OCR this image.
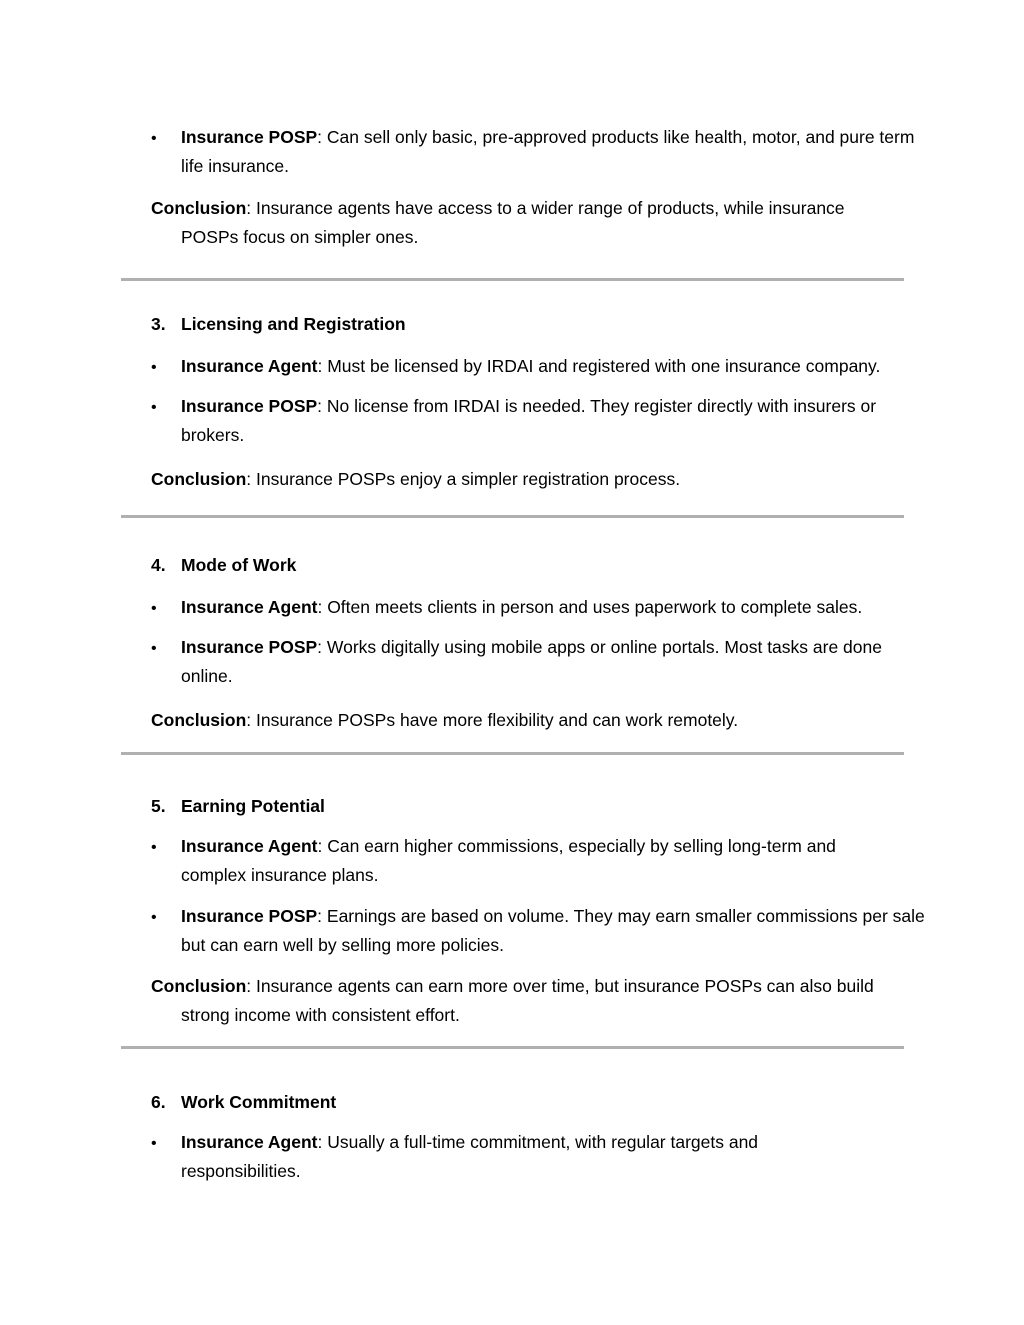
•
Insurance POSP: Can sell only basic, pre-approved products like health, motor, and pure term life insurance.
Conclusion: Insurance agents have access to a wider range of products, while insurance POSPs focus on simpler ones.
3. Licensing and Registration
•
Insurance Agent: Must be licensed by IRDAI and registered with one insurance company.
•
Insurance POSP: No license from IRDAI is needed. They register directly with insurers or brokers.
Conclusion: Insurance POSPs enjoy a simpler registration process.
4. Mode of Work
•
Insurance Agent: Often meets clients in person and uses paperwork to complete sales.
•
Insurance POSP: Works digitally using mobile apps or online portals. Most tasks are done online.
Conclusion: Insurance POSPs have more flexibility and can work remotely.
5. Earning Potential
•
Insurance Agent: Can earn higher commissions, especially by selling long-term and complex insurance plans.
•
Insurance POSP: Earnings are based on volume. They may earn smaller commissions per sale but can earn well by selling more policies.
Conclusion: Insurance agents can earn more over time, but insurance POSPs can also build strong income with consistent effort.
6. Work Commitment
•
Insurance Agent: Usually a full-time commitment, with regular targets and responsibilities.
